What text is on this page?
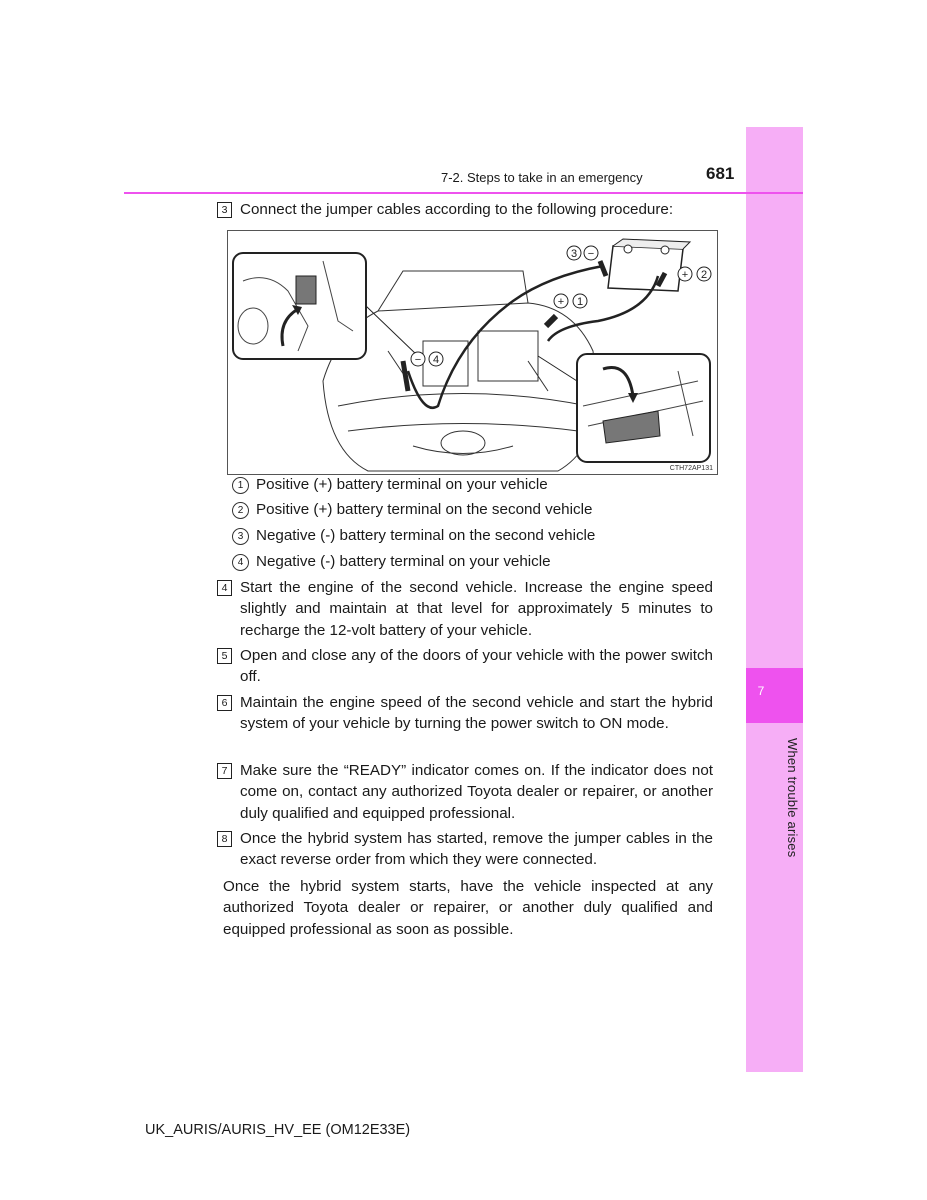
7
When trouble arises
7-2. Steps to take in an emergency	681
3 Connect the jumper cables according to the following procedure:
3 −
+ 2
+ 1
− 4
CTH72AP131
1 Positive (+) battery terminal on your vehicle
2 Positive (+) battery terminal on the second vehicle
3 Negative (-) battery terminal on the second vehicle
4 Negative (-) battery terminal on your vehicle
4 Start the engine of the second vehicle. Increase the engine speed slightly and maintain at that level for approximately 5 minutes to recharge the 12-volt battery of your vehicle.
5 Open and close any of the doors of your vehicle with the power switch off.
6 Maintain the engine speed of the second vehicle and start the hybrid system of your vehicle by turning the power switch to ON mode.
7 Make sure the “READY” indicator comes on. If the indicator does not come on, contact any authorized Toyota dealer or repairer, or another duly qualified and equipped professional.
8 Once the hybrid system has started, remove the jumper cables in the exact reverse order from which they were connected.
Once the hybrid system starts, have the vehicle inspected at any authorized Toyota dealer or repairer, or another duly qualified and equipped professional as soon as possible.
UK_AURIS/AURIS_HV_EE (OM12E33E)
